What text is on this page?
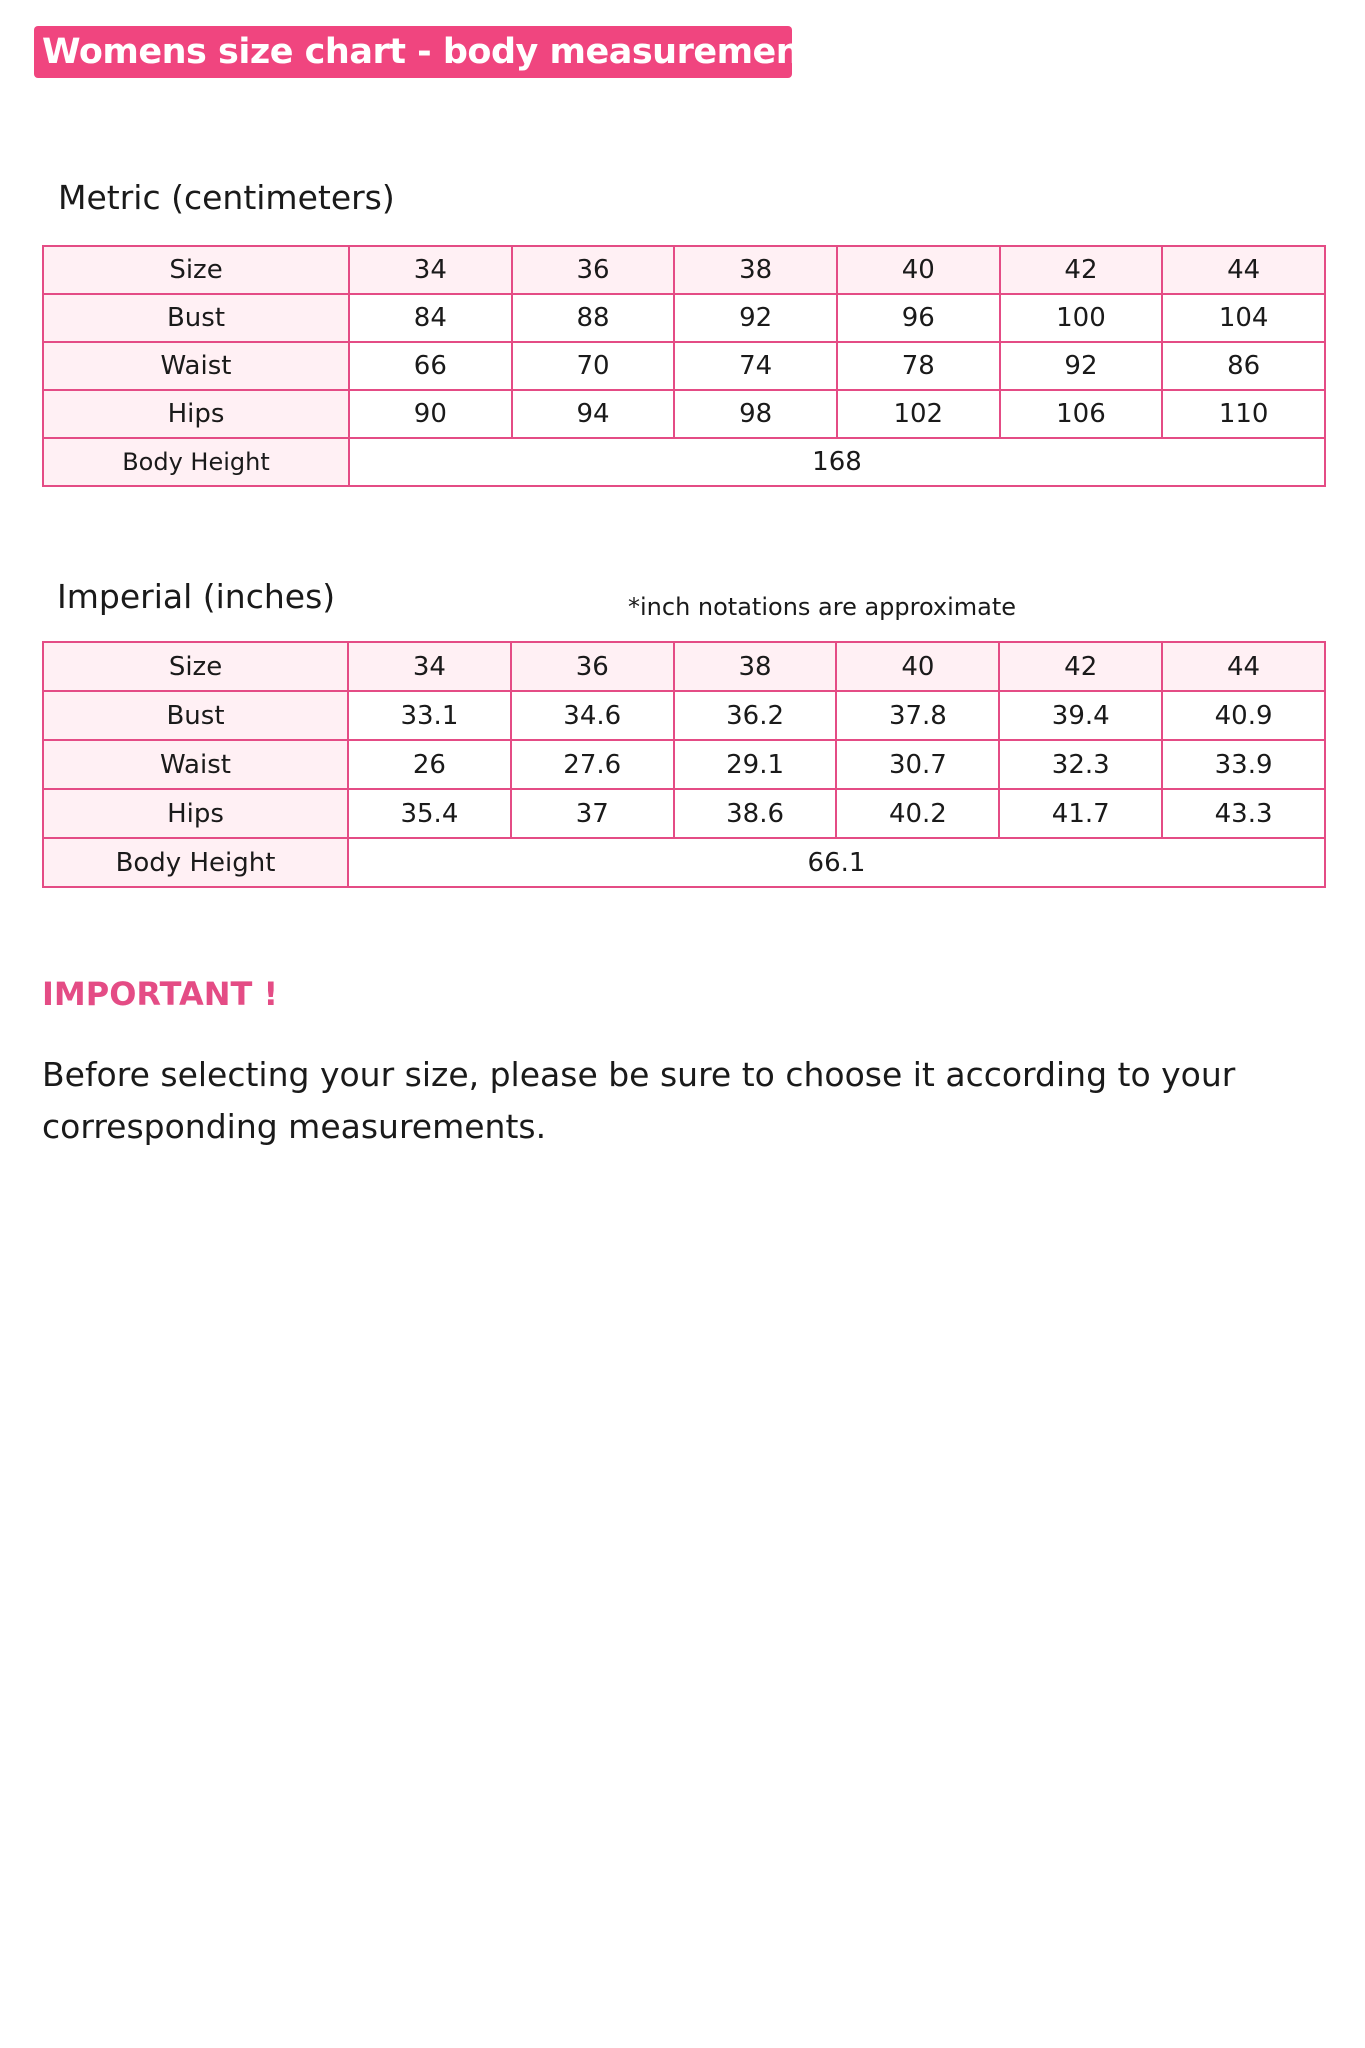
Womens size chart - body measurements
Metric (centimeters)
Size	34	36	38	40	42	44
Bust	84	88	92	96	100	104
Waist	66	70	74	78	92	86
Hips	90	94	98	102	106	110
Body Height	168					
Imperial (inches)	*inch notations are approximate
Size	34	36	38	40	42	44
Bust	33.1	34.6	36.2	37.8	39.4	40.9
Waist	26	27.6	29.1	30.7	32.3	33.9
Hips	35.4	37	38.6	40.2	41.7	43.3
Body Height	66.1					
IMPORTANT !
Before selecting your size, please be sure to choose it according to your corresponding measurements.
